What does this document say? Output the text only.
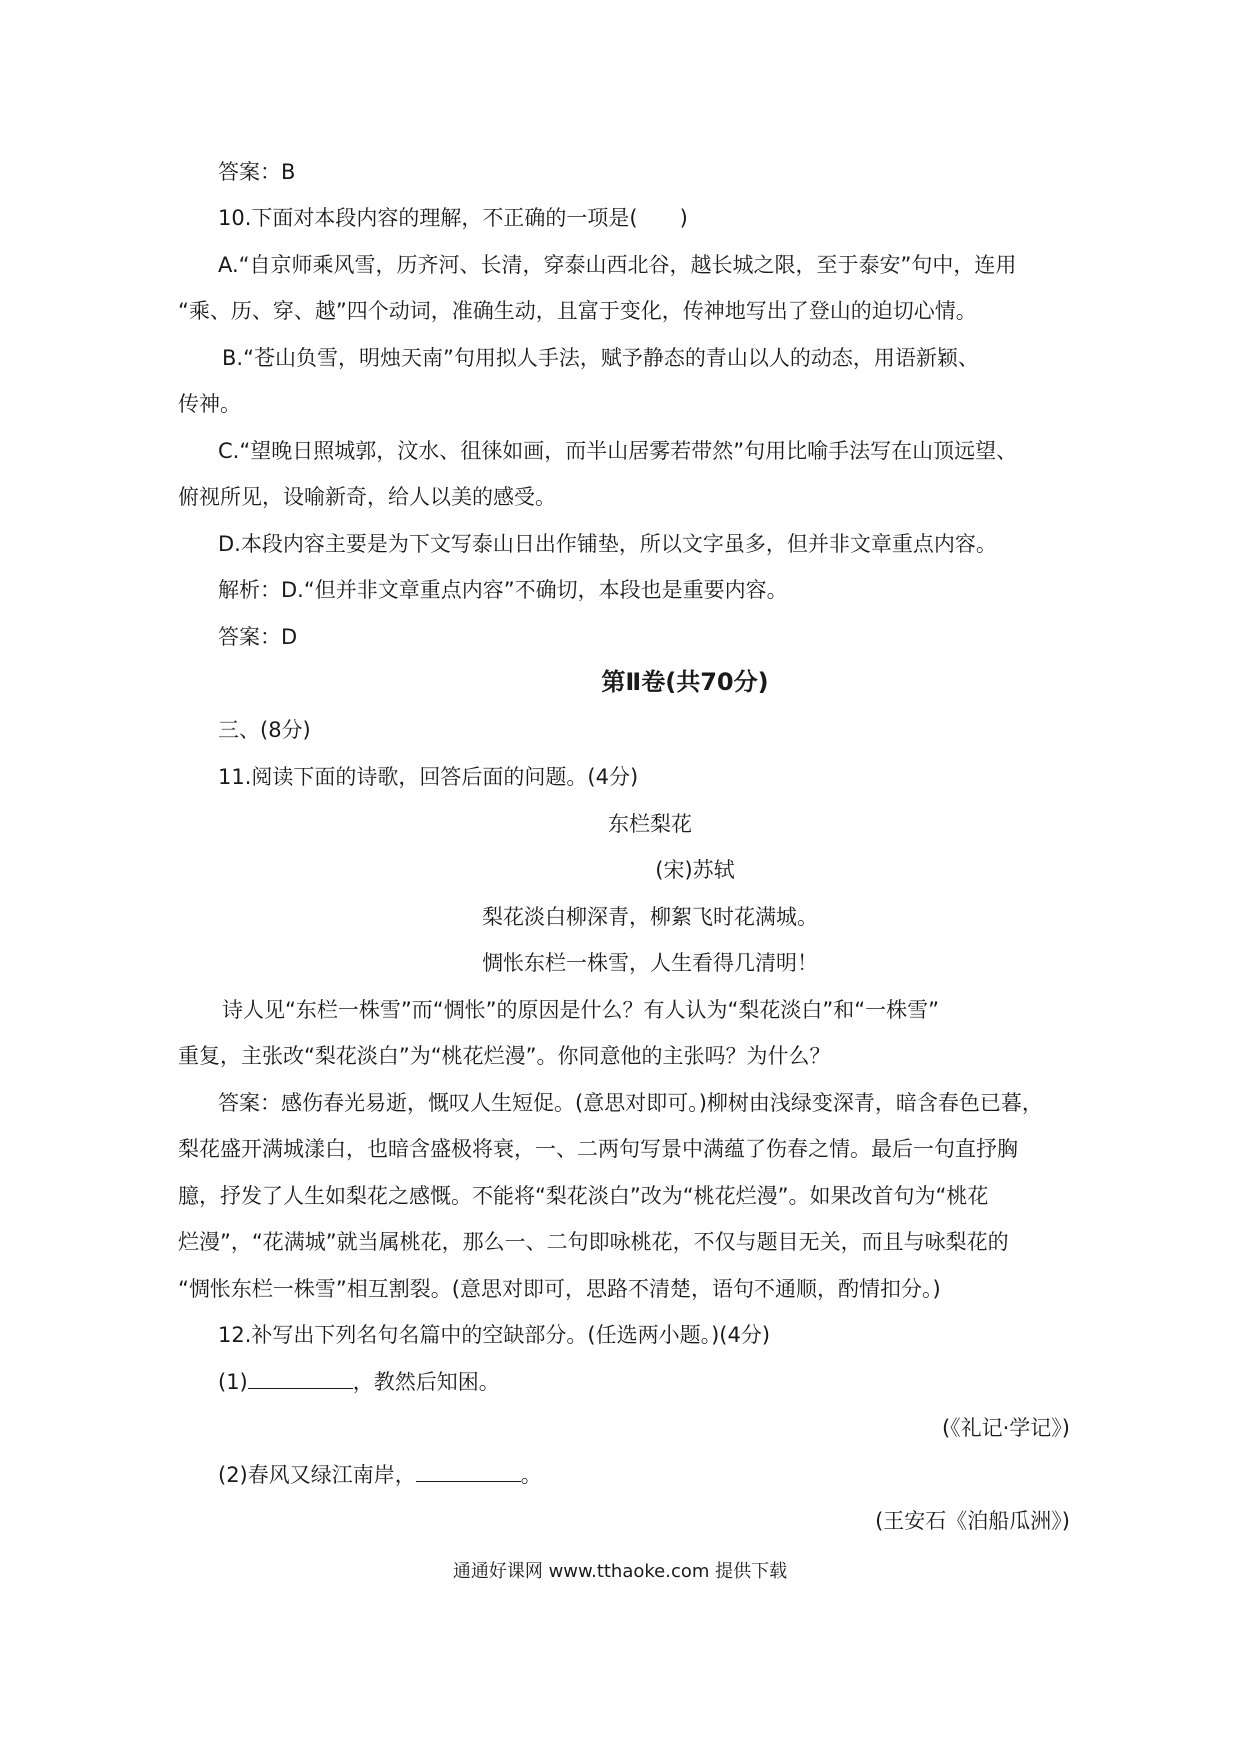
答案：B
10.下面对本段内容的理解，不正确的一项是(　　)
A.“自京师乘风雪，历齐河、长清，穿泰山西北谷，越长城之限，至于泰安”句中，连用
“乘、历、穿、越”四个动词，准确生动，且富于变化，传神地写出了登山的迫切心情。
B.“苍山负雪，明烛天南”句用拟人手法，赋予静态的青山以人的动态，用语新颖、
传神。
C.“望晚日照城郭，汶水、徂徕如画，而半山居雾若带然”句用比喻手法写在山顶远望、
俯视所见，设喻新奇，给人以美的感受。
D.本段内容主要是为下文写泰山日出作铺垫，所以文字虽多，但并非文章重点内容。
解析：D.“但并非文章重点内容”不确切，本段也是重要内容。
答案：D
第Ⅱ卷(共70分)
三、(8分)
11.阅读下面的诗歌，回答后面的问题。(4分)
东栏梨花
(宋)苏轼
梨花淡白柳深青，柳絮飞时花满城。
惆怅东栏一株雪，人生看得几清明！
诗人见“东栏一株雪”而“惆怅”的原因是什么？有人认为“梨花淡白”和“一株雪”
重复，主张改“梨花淡白”为“桃花烂漫”。你同意他的主张吗？为什么？
答案：感伤春光易逝，慨叹人生短促。(意思对即可。)柳树由浅绿变深青，暗含春色已暮，
梨花盛开满城漾白，也暗含盛极将衰，一、二两句写景中满蕴了伤春之情。最后一句直抒胸
臆，抒发了人生如梨花之感慨。不能将“梨花淡白”改为“桃花烂漫”。如果改首句为“桃花
烂漫”，“花满城”就当属桃花，那么一、二句即咏桃花，不仅与题目无关，而且与咏梨花的
“惆怅东栏一株雪”相互割裂。(意思对即可，思路不清楚，语句不通顺，酌情扣分。)
12.补写出下列名句名篇中的空缺部分。(任选两小题。)(4分)
(1)	，教然后知困。
(《礼记·学记》)
(2)春风又绿江南岸，	。
(王安石《泊船瓜洲》)
通通好课网 www.tthaoke.com 提供下载
